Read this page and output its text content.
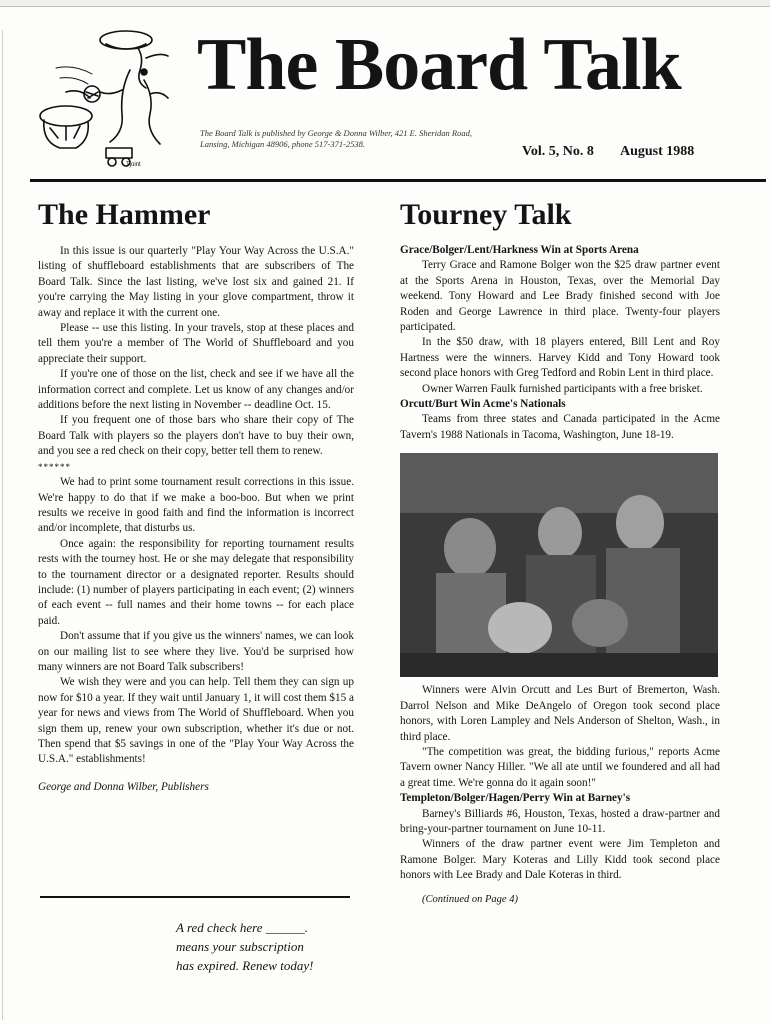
Tjoint
The Board Talk
The Board Talk is published by George & Donna Wilber, 421 E. Sheridan Road, Lansing, Michigan 48906, phone 517-371-2538.	Vol. 5, No. 8 August 1988
The Hammer

In this issue is our quarterly "Play Your Way Across the U.S.A." listing of shuffleboard establishments that are subscribers of The Board Talk. Since the last listing, we've lost six and gained 21. If you're carrying the May listing in your glove compartment, throw it away and replace it with the current one.

Please -- use this listing. In your travels, stop at these places and tell them you're a member of The World of Shuffleboard and you appreciate their support.

If you're one of those on the list, check and see if we have all the information correct and complete. Let us know of any changes and/or additions before the next listing in November -- deadline Oct. 15.

If you frequent one of those bars who share their copy of The Board Talk with players so the players don't have to buy their own, and you see a red check on their copy, better tell them to renew.

******

We had to print some tournament result corrections in this issue. We're happy to do that if we make a boo-boo. But when we print results we receive in good faith and find the information is incorrect and/or incomplete, that disturbs us.

Once again: the responsibility for reporting tournament results rests with the tourney host. He or she may delegate that responsibility to the tournament director or a designated reporter. Results should include: (1) number of players participating in each event; (2) winners of each event -- full names and their home towns -- for each place paid.

Don't assume that if you give us the winners' names, we can look on our mailing list to see where they live. You'd be surprised how many winners are not Board Talk subscribers!

We wish they were and you can help. Tell them they can sign up now for $10 a year. If they wait until January 1, it will cost them $15 a year for news and views from The World of Shuffleboard. When you sign them up, renew your own subscription, whether it's due or not. Then spend that $5 savings in one of the "Play Your Way Across the U.S.A." establishments!

George and Donna Wilber, Publishers

A red check here ______.
means your subscription
has expired. Renew today!
Tourney Talk
Grace/Bolger/Lent/Harkness Win at Sports Arena

Terry Grace and Ramone Bolger won the $25 draw partner event at the Sports Arena in Houston, Texas, over the Memorial Day weekend. Tony Howard and Lee Brady finished second with Joe Roden and George Lawrence in third place. Twenty-four players participated.

In the $50 draw, with 18 players entered, Bill Lent and Roy Hartness were the winners. Harvey Kidd and Tony Howard took second place honors with Greg Tedford and Robin Lent in third place.

Owner Warren Faulk furnished participants with a free brisket.

Orcutt/Burt Win Acme's Nationals

Teams from three states and Canada participated in the Acme Tavern's 1988 Nationals in Tacoma, Washington, June 18-19.

Winners were Alvin Orcutt and Les Burt of Bremerton, Wash. Darrol Nelson and Mike DeAngelo of Oregon took second place honors, with Loren Lampley and Nels Anderson of Shelton, Wash., in third place.

"The competition was great, the bidding furious," reports Acme Tavern owner Nancy Hiller. "We all ate until we foundered and all had a great time. We're gonna do it again soon!"

Templeton/Bolger/Hagen/Perry Win at Barney's

Barney's Billiards #6, Houston, Texas, hosted a draw-partner and bring-your-partner tournament on June 10-11.

Winners of the draw partner event were Jim Templeton and Ramone Bolger. Mary Koteras and Lilly Kidd took second place honors with Lee Brady and Dale Koteras in third.

(Continued on Page 4)
